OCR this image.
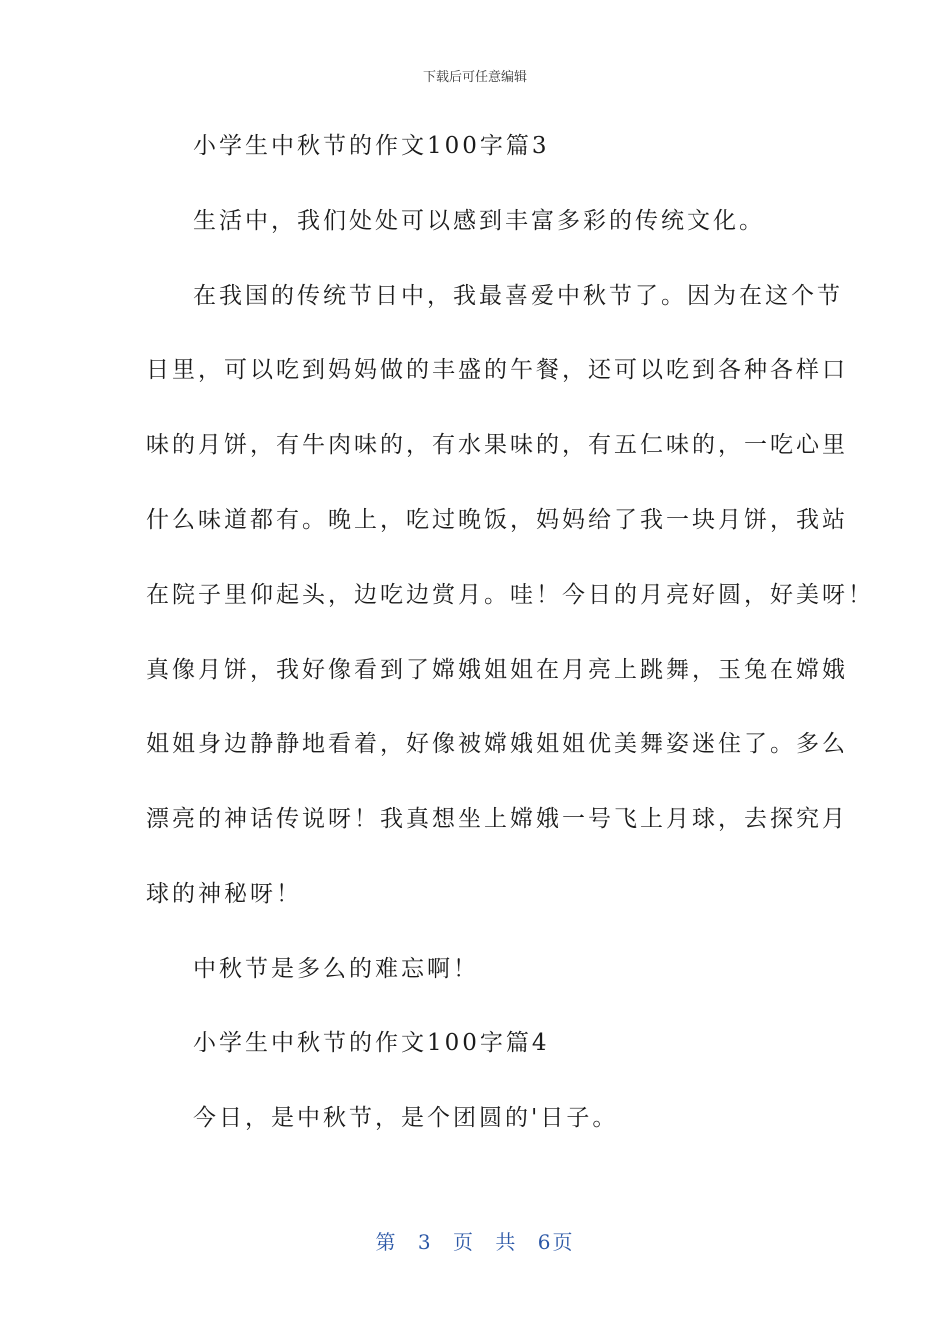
下载后可任意编辑
小学生中秋节的作文100字篇3
生活中，我们处处可以感到丰富多彩的传统文化。
在我国的传统节日中，我最喜爱中秋节了。因为在这个节
日里，可以吃到妈妈做的丰盛的午餐，还可以吃到各种各样口
味的月饼，有牛肉味的，有水果味的，有五仁味的，一吃心里
什么味道都有。晚上，吃过晚饭，妈妈给了我一块月饼，我站
在院子里仰起头，边吃边赏月。哇！今日的月亮好圆，好美呀！
真像月饼，我好像看到了嫦娥姐姐在月亮上跳舞，玉兔在嫦娥
姐姐身边静静地看着，好像被嫦娥姐姐优美舞姿迷住了。多么
漂亮的神话传说呀！我真想坐上嫦娥一号飞上月球，去探究月
球的神秘呀！
中秋节是多么的难忘啊！
小学生中秋节的作文100字篇4
今日，是中秋节，是个团圆的'日子。
第 3 页 共 6页
